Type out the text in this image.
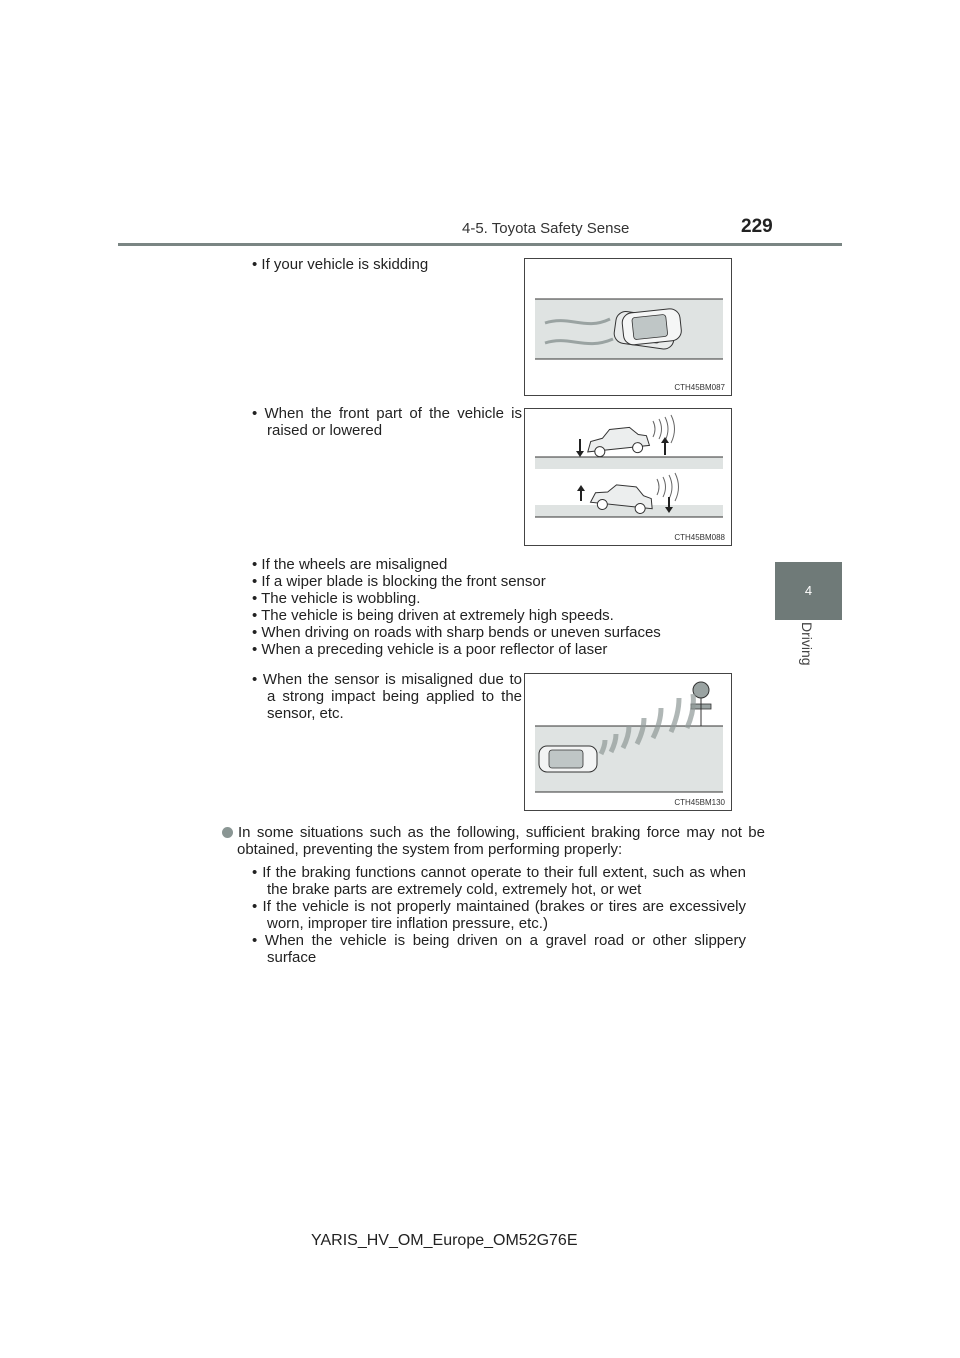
4-5. Toyota Safety Sense	229
4
Driving
• If your vehicle is skidding
CTH45BM087
• When the front part of the vehicle is raised or lowered
CTH45BM088
• If the wheels are misaligned
• If a wiper blade is blocking the front sensor
• The vehicle is wobbling.
• The vehicle is being driven at extremely high speeds.
• When driving on roads with sharp bends or uneven surfaces
• When a preceding vehicle is a poor reflector of laser
• When the sensor is misaligned due to a strong impact being applied to the sensor, etc.
CTH45BM130
In some situations such as the following, sufficient braking force may not be obtained, preventing the system from performing properly:
• If the braking functions cannot operate to their full extent, such as when the brake parts are extremely cold, extremely hot, or wet
• If the vehicle is not properly maintained (brakes or tires are excessively worn, improper tire inflation pressure, etc.)
• When the vehicle is being driven on a gravel road or other slippery surface
YARIS_HV_OM_Europe_OM52G76E
